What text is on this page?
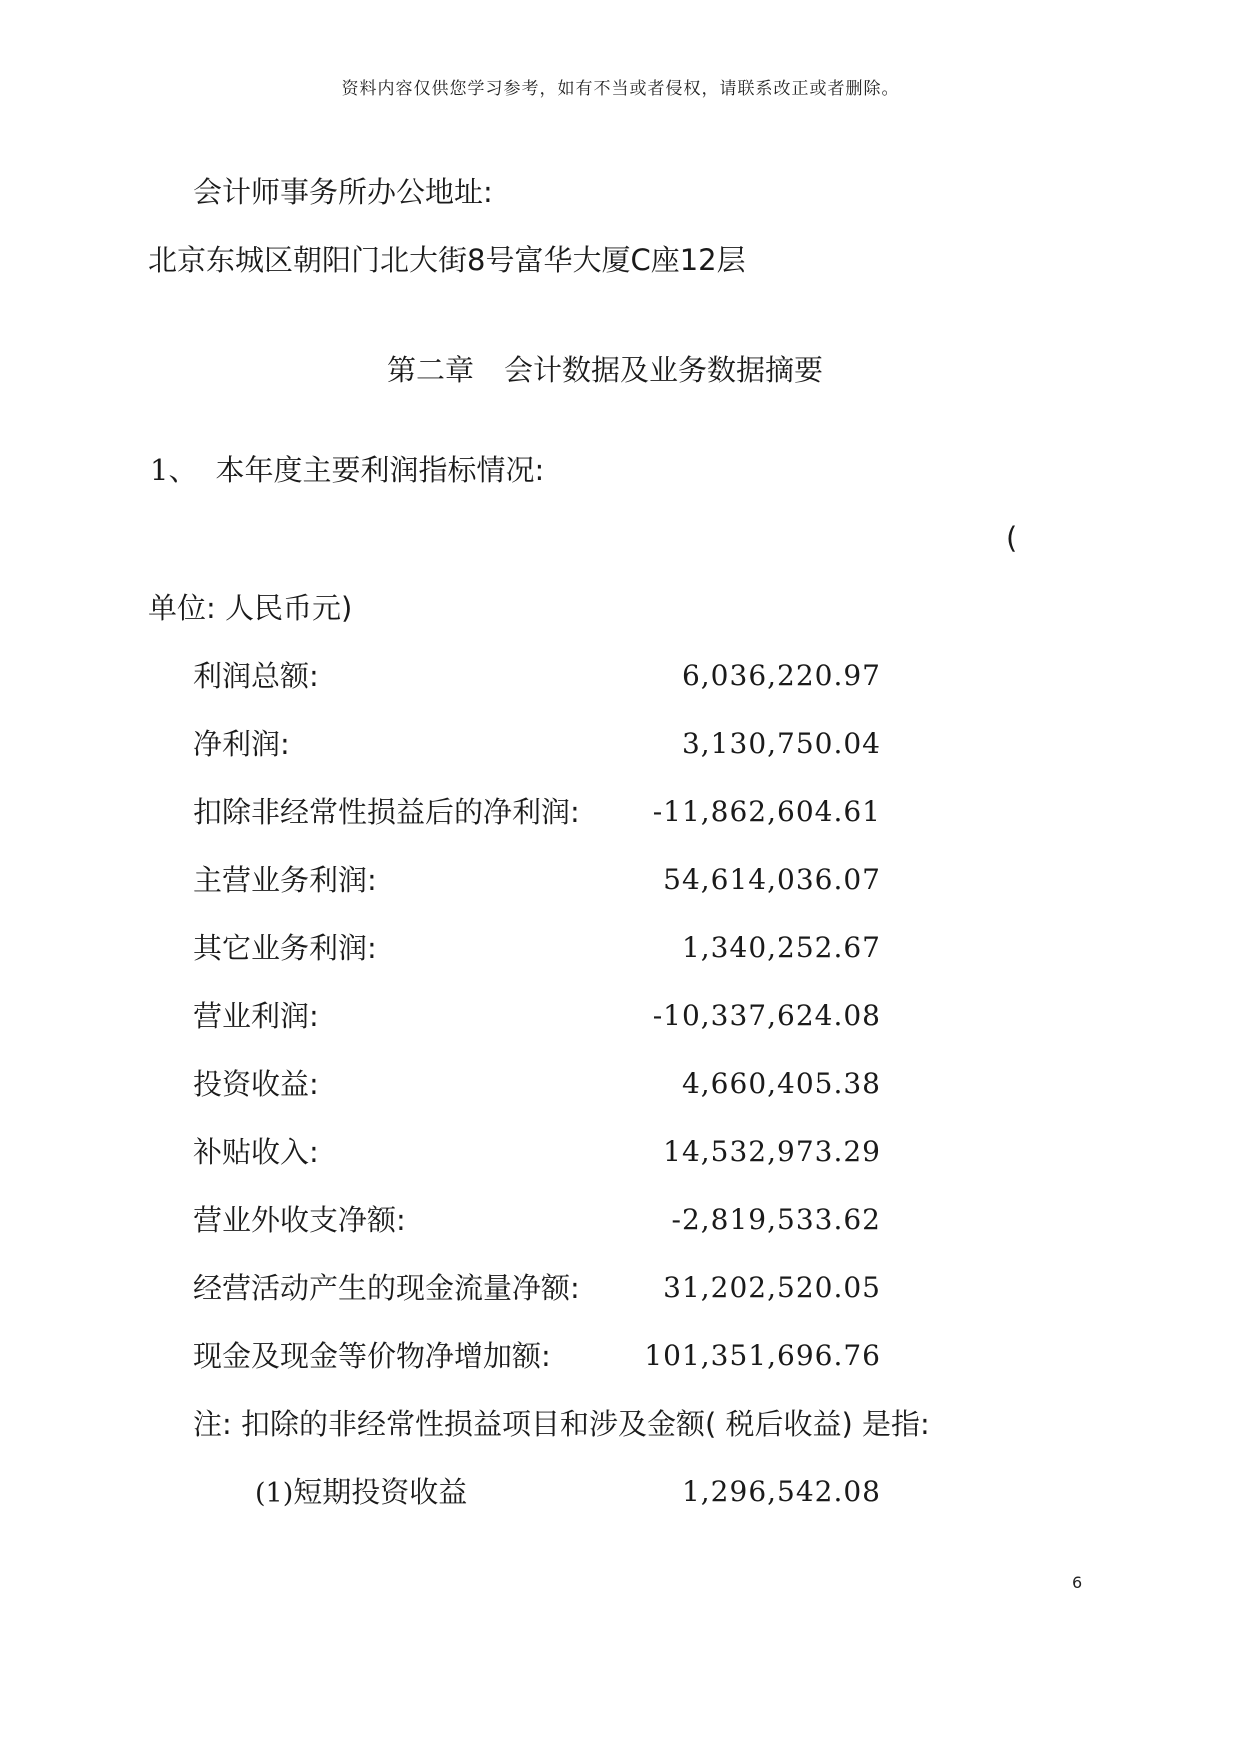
资料内容仅供您学习参考，如有不当或者侵权，请联系改正或者删除。
会计师事务所办公地址:
北京东城区朝阳门北大街8号富华大厦C座12层
第二章 会计数据及业务数据摘要
1、 本年度主要利润指标情况:
(
单位: 人民币元)
利润总额:	6,036,220.97
净利润:	3,130,750.04
扣除非经常性损益后的净利润:	-11,862,604.61
主营业务利润:	54,614,036.07
其它业务利润:	1,340,252.67
营业利润:	-10,337,624.08
投资收益:	4,660,405.38
补贴收入:	14,532,973.29
营业外收支净额:	-2,819,533.62
经营活动产生的现金流量净额:	31,202,520.05
现金及现金等价物净增加额:	101,351,696.76
注: 扣除的非经常性损益项目和涉及金额( 税后收益) 是指:
(1)短期投资收益	1,296,542.08
6
